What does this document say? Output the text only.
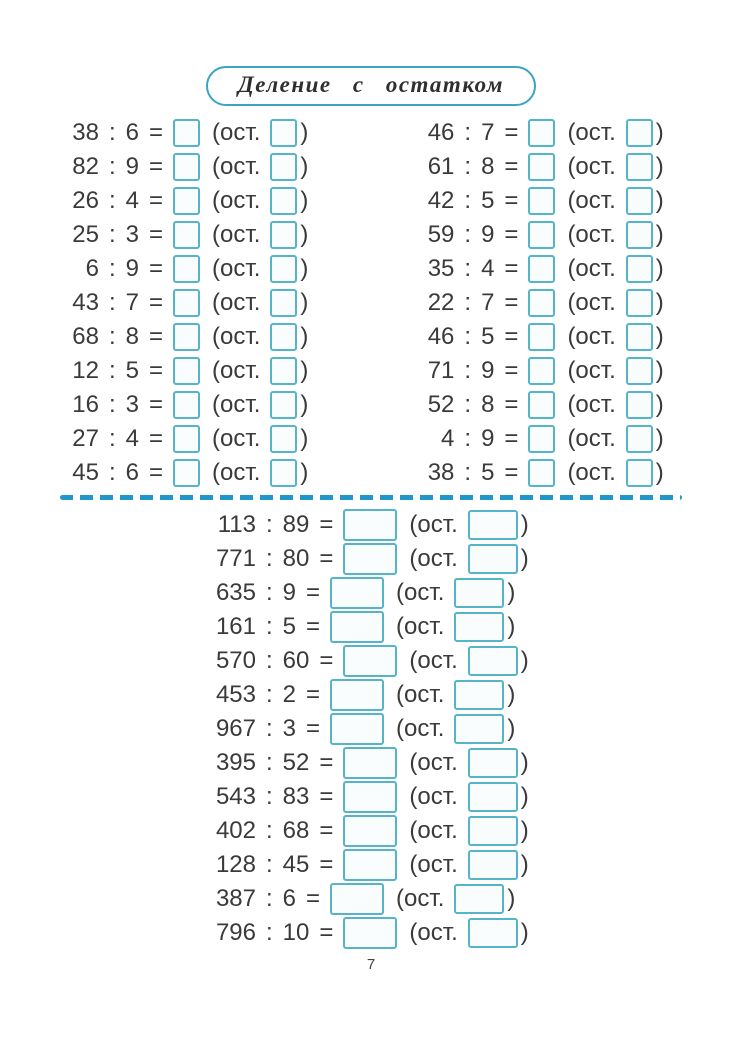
Деление с остатком
38 : 6 = (ост. )
82 : 9 = (ост. )
26 : 4 = (ост. )
25 : 3 = (ост. )
6 : 9 = (ост. )
43 : 7 = (ост. )
68 : 8 = (ост. )
12 : 5 = (ост. )
16 : 3 = (ост. )
27 : 4 = (ост. )
45 : 6 = (ост. )
46 : 7 = (ост. )
61 : 8 = (ост. )
42 : 5 = (ост. )
59 : 9 = (ост. )
35 : 4 = (ост. )
22 : 7 = (ост. )
46 : 5 = (ост. )
71 : 9 = (ост. )
52 : 8 = (ост. )
4 : 9 = (ост. )
38 : 5 = (ост. )
113 : 89 =	(ост.	)
771 : 80 =	(ост.	)
635 : 9 =	(ост.	)
161 : 5 =	(ост.	)
570 : 60 =	(ост.	)
453 : 2 =	(ост.	)
967 : 3 =	(ост.	)
395 : 52 =	(ост.	)
543 : 83 =	(ост.	)
402 : 68 =	(ост.	)
128 : 45 =	(ост.	)
387 : 6 =	(ост.	)
796 : 10 =	(ост.	)
7
